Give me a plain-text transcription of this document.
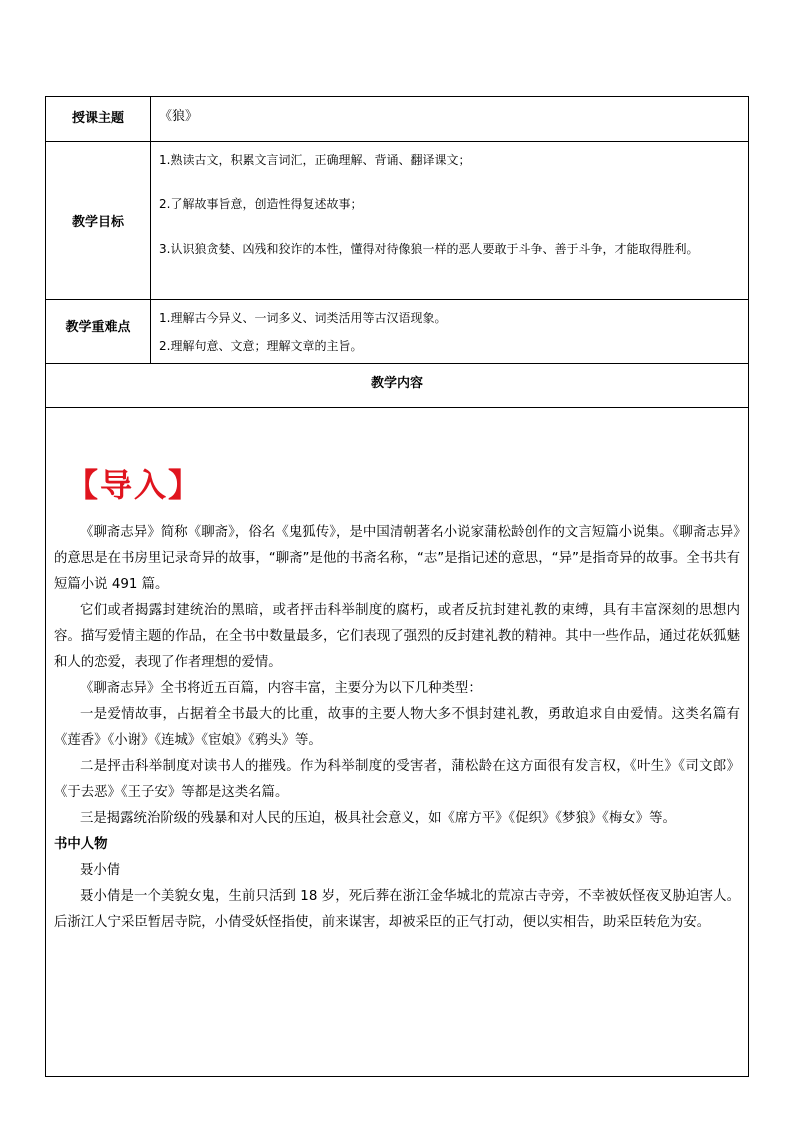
授课主题	《狼》
教学目标
1.熟读古文，积累文言词汇，正确理解、背诵、翻译课文；
2.了解故事旨意，创造性得复述故事；
3.认识狼贪婪、凶残和狡诈的本性，懂得对待像狼一样的恶人要敢于斗争、善于斗争，才能取得胜利。
教学重难点
1.理解古今异义、一词多义、词类活用等古汉语现象。
2.理解句意、文意；理解文章的主旨。
教学内容
【导入】

《聊斋志异》简称《聊斋》，俗名《鬼狐传》，是中国清朝著名小说家蒲松龄创作的文言短篇小说集。《聊斋志异》的意思是在书房里记录奇异的故事，“聊斋”是他的书斋名称，“志”是指记述的意思，“异”是指奇异的故事。全书共有短篇小说 491 篇。

它们或者揭露封建统治的黑暗，或者抨击科举制度的腐朽，或者反抗封建礼教的束缚，具有丰富深刻的思想内容。描写爱情主题的作品，在全书中数量最多，它们表现了强烈的反封建礼教的精神。其中一些作品，通过花妖狐魅和人的恋爱，表现了作者理想的爱情。

《聊斋志异》全书将近五百篇，内容丰富，主要分为以下几种类型：

一是爱情故事，占据着全书最大的比重，故事的主要人物大多不惧封建礼教，勇敢追求自由爱情。这类名篇有《莲香》《小谢》《连城》《宦娘》《鸦头》等。

二是抨击科举制度对读书人的摧残。作为科举制度的受害者，蒲松龄在这方面很有发言权，《叶生》《司文郎》《于去恶》《王子安》等都是这类名篇。

三是揭露统治阶级的残暴和对人民的压迫，极具社会意义，如《席方平》《促织》《梦狼》《梅女》等。

书中人物

聂小倩

聂小倩是一个美貌女鬼，生前只活到 18 岁，死后葬在浙江金华城北的荒凉古寺旁，不幸被妖怪夜叉胁迫害人。后浙江人宁采臣暂居寺院，小倩受妖怪指使，前来谋害，却被采臣的正气打动，便以实相告，助采臣转危为安。
